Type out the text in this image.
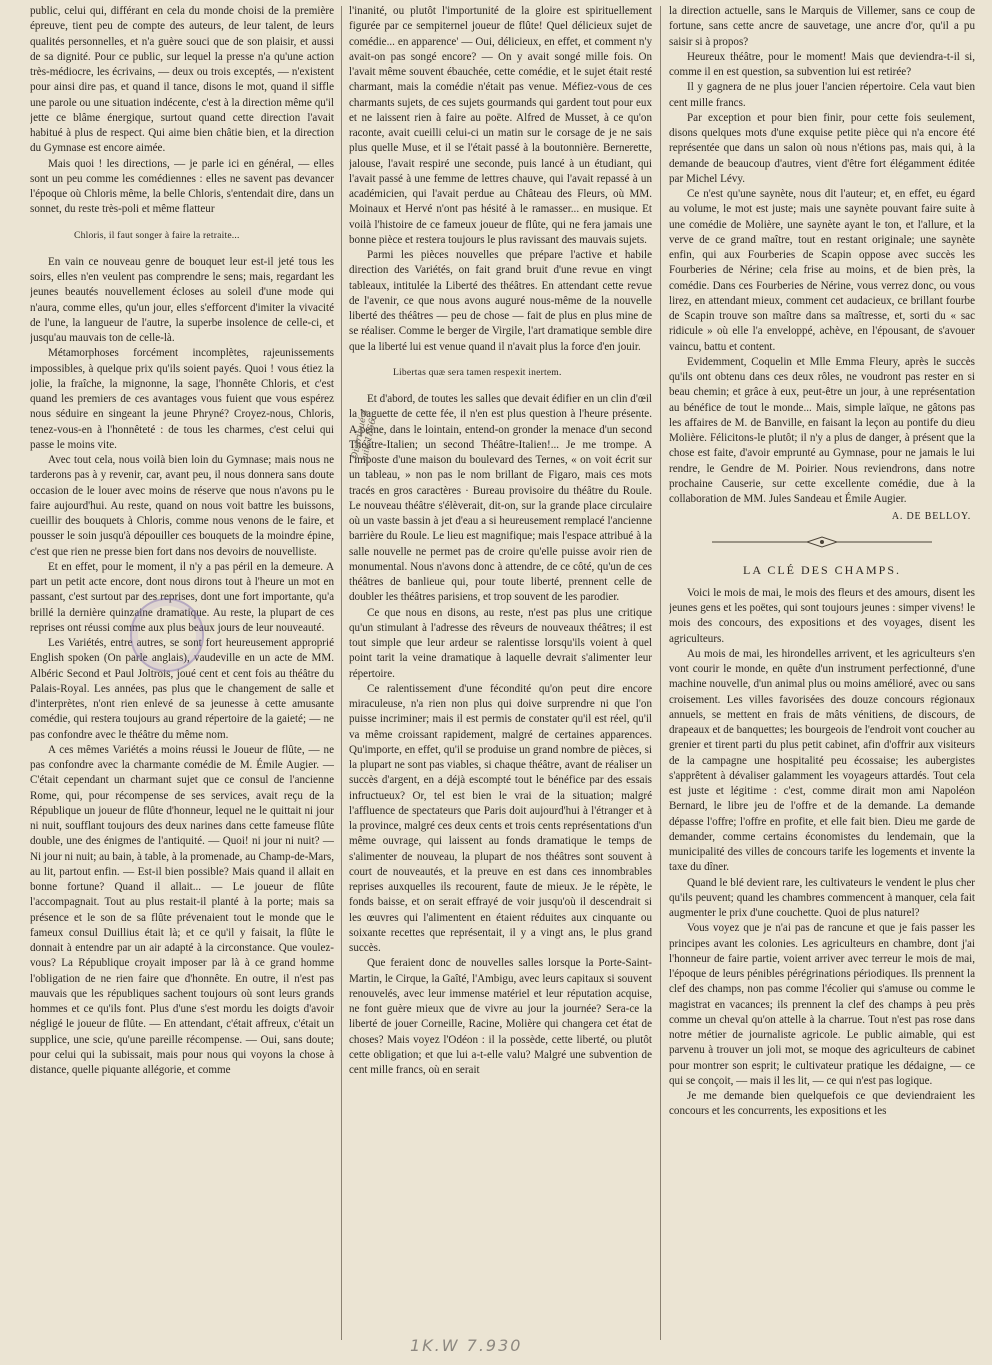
public, celui qui, différant en cela du monde choisi de la première épreuve, tient peu de compte des auteurs, de leur talent, de leurs qualités personnelles, et n'a guère souci que de son plaisir, et aussi de sa dignité. Pour ce public, sur lequel la presse n'a qu'une action très-médiocre, les écrivains, — deux ou trois exceptés, — n'existent pour ainsi dire pas, et quand il tance, disons le mot, quand il siffle une parole ou une situation indécente, c'est à la direction même qu'il jette ce blâme énergique, surtout quand cette direction l'avait habitué à plus de respect. Qui aime bien châtie bien, et la direction du Gymnase est encore aimée.

Mais quoi ! les directions, — je parle ici en général, — elles sont un peu comme les comédiennes : elles ne savent pas devancer l'époque où Chloris même, la belle Chloris, s'entendait dire, dans un sonnet, du reste très-poli et même flatteur

Chloris, il faut songer à faire la retraite...

En vain ce nouveau genre de bouquet leur est-il jeté tous les soirs, elles n'en veulent pas comprendre le sens; mais, regardant les jeunes beautés nouvellement écloses au soleil d'une mode qui n'aura, comme elles, qu'un jour, elles s'efforcent d'imiter la vivacité de l'une, la langueur de l'autre, la superbe insolence de celle-ci, et jusqu'au mauvais ton de celle-là.

Métamorphoses forcément incomplètes, rajeunissements impossibles, à quelque prix qu'ils soient payés. Quoi ! vous étiez la jolie, la fraîche, la mignonne, la sage, l'honnête Chloris, et c'est quand les premiers de ces avantages vous fuient que vous espérez nous séduire en singeant la jeune Phryné? Croyez-nous, Chloris, tenez-vous-en à l'honnêteté : de tous les charmes, c'est celui qui passe le moins vite.

Avec tout cela, nous voilà bien loin du Gymnase; mais nous ne tarderons pas à y revenir, car, avant peu, il nous donnera sans doute occasion de le louer avec moins de réserve que nous n'avons pu le faire aujourd'hui. Au reste, quand on nous voit battre les buissons, cueillir des bouquets à Chloris, comme nous venons de le faire, et pousser le soin jusqu'à dépouiller ces bouquets de la moindre épine, c'est que rien ne presse bien fort dans nos devoirs de nouvelliste.

Et en effet, pour le moment, il n'y a pas péril en la demeure. A part un petit acte encore, dont nous dirons tout à l'heure un mot en passant, c'est surtout par des reprises, dont une fort importante, qu'a brillé la dernière quinzaine dramatique. Au reste, la plupart de ces reprises ont réussi comme aux plus beaux jours de leur nouveauté.

Les Variétés, entre autres, se sont fort heureusement approprié English spoken (On parle anglais), vaudeville en un acte de MM. Albéric Second et Paul Joltrois, joué cent et cent fois au théâtre du Palais-Royal. Les années, pas plus que le changement de salle et d'interprètes, n'ont rien enlevé de sa jeunesse à cette amusante comédie, qui restera toujours au grand répertoire de la gaieté; — ne pas confondre avec le théâtre du même nom.

A ces mêmes Variétés a moins réussi le Joueur de flûte, — ne pas confondre avec la charmante comédie de M. Émile Augier. — C'était cependant un charmant sujet que ce consul de l'ancienne Rome, qui, pour récompense de ses services, avait reçu de la République un joueur de flûte d'honneur, lequel ne le quittait ni jour ni nuit, soufflant toujours des deux narines dans cette fameuse flûte double, une des énigmes de l'antiquité. — Quoi! ni jour ni nuit? — Ni jour ni nuit; au bain, à table, à la promenade, au Champ-de-Mars, au lit, partout enfin. — Est-il bien possible? Mais quand il allait en bonne fortune? Quand il allait... — Le joueur de flûte l'accompagnait. Tout au plus restait-il planté à la porte; mais sa présence et le son de sa flûte prévenaient tout le monde que le fameux consul Duillius était là; et ce qu'il y faisait, la flûte le donnait à entendre par un air adapté à la circonstance. Que voulez-vous? La République croyait imposer par là à ce grand homme l'obligation de ne rien faire que d'honnête. En outre, il n'est pas mauvais que les républiques sachent toujours où sont leurs grands hommes et ce qu'ils font. Plus d'une s'est mordu les doigts d'avoir négligé le joueur de flûte. — En attendant, c'était affreux, c'était un supplice, une scie, qu'une pareille récompense. — Oui, sans doute; pour celui qui la subissait, mais pour nous qui voyons la chose à distance, quelle piquante allégorie, et comme

l'inanité, ou plutôt l'importunité de la gloire est spirituellement figurée par ce sempiternel joueur de flûte! Quel délicieux sujet de comédie... en apparence' — Oui, délicieux, en effet, et comment n'y avait-on pas songé encore? — On y avait songé mille fois. On l'avait même souvent ébauchée, cette comédie, et le sujet était resté charmant, mais la comédie n'était pas venue. Méfiez-vous de ces charmants sujets, de ces sujets gourmands qui gardent tout pour eux et ne laissent rien à faire au poëte. Alfred de Musset, à ce qu'on raconte, avait cueilli celui-ci un matin sur le corsage de je ne sais plus quelle Muse, et il se l'était passé à la boutonnière. Bernerette, jalouse, l'avait respiré une seconde, puis lancé à un étudiant, qui l'avait passé à une femme de lettres chauve, qui l'avait repassé à un académicien, qui l'avait perdue au Château des Fleurs, où MM. Moinaux et Hervé n'ont pas hésité à le ramasser... en musique. Et voilà l'histoire de ce fameux joueur de flûte, qui ne fera jamais une bonne pièce et restera toujours le plus ravissant des mauvais sujets.

Parmi les pièces nouvelles que prépare l'active et habile direction des Variétés, on fait grand bruit d'une revue en vingt tableaux, intitulée la Liberté des théâtres. En attendant cette revue de l'avenir, ce que nous avons auguré nous-même de la nouvelle liberté des théâtres — peu de chose — fait de plus en plus mine de se réaliser. Comme le berger de Virgile, l'art dramatique semble dire que la liberté lui est venue quand il n'avait plus la force d'en jouir.

Libertas quæ sera tamen respexit inertem.

Et d'abord, de toutes les salles que devait édifier en un clin d'œil la baguette de cette fée, il n'en est plus question à l'heure présente. A peine, dans le lointain, entend-on gronder la menace d'un second Théâtre-Italien; un second Théâtre-Italien!... Je me trompe. A l'imposte d'une maison du boulevard des Ternes, « on voit écrit sur un tableau, » non pas le nom brillant de Figaro, mais ces mots tracés en gros caractères · Bureau provisoire du théâtre du Roule. Le nouveau théâtre s'élèverait, dit-on, sur la grande place circulaire où un vaste bassin à jet d'eau a si heureusement remplacé l'ancienne barrière du Roule. Le lieu est magnifique; mais l'espace attribué à la salle nouvelle ne permet pas de croire qu'elle puisse avoir rien de monumental. Nous n'avons donc à attendre, de ce côté, qu'un de ces théâtres de banlieue qui, pour toute liberté, prennent celle de doubler les théâtres parisiens, et trop souvent de les parodier.

Ce que nous en disons, au reste, n'est pas plus une critique qu'un stimulant à l'adresse des rêveurs de nouveaux théâtres; il est tout simple que leur ardeur se ralentisse lorsqu'ils voient à quel point tarit la veine dramatique à laquelle devrait s'alimenter leur répertoire.

Ce ralentissement d'une fécondité qu'on peut dire encore miraculeuse, n'a rien non plus qui doive surprendre ni que l'on puisse incriminer; mais il est permis de constater qu'il est réel, qu'il va même croissant rapidement, malgré de certaines apparences. Qu'importe, en effet, qu'il se produise un grand nombre de pièces, si la plupart ne sont pas viables, si chaque théâtre, avant de réaliser un succès d'argent, en a déjà escompté tout le bénéfice par des essais infructueux? Or, tel est bien le vrai de la situation; malgré l'affluence de spectateurs que Paris doit aujourd'hui à l'étranger et à la province, malgré ces deux cents et trois cents représentations d'un même ouvrage, qui laissent au fonds dramatique le temps de s'alimenter de nouveau, la plupart de nos théâtres sont souvent à court de nouveautés, et la preuve en est dans ces innombrables reprises auxquelles ils recourent, faute de mieux. Je le répète, le fonds baisse, et on serait effrayé de voir jusqu'où il descendrait si les œuvres qui l'alimentent en étaient réduites aux cinquante ou soixante recettes que représentait, il y a vingt ans, le plus grand succès.

Que feraient donc de nouvelles salles lorsque la Porte-Saint-Martin, le Cirque, la Gaîté, l'Ambigu, avec leurs capitaux si souvent renouvelés, avec leur immense matériel et leur réputation acquise, ne font guère mieux que de vivre au jour la journée? Sera-ce la liberté de jouer Corneille, Racine, Molière qui changera cet état de choses? Mais voyez l'Odéon : il la possède, cette liberté, ou plutôt cette obligation; et que lui a-t-elle valu? Malgré une subvention de cent mille francs, où en serait

la direction actuelle, sans le Marquis de Villemer, sans ce coup de fortune, sans cette ancre de sauvetage, une ancre d'or, qu'il a pu saisir si à propos?

Heureux théâtre, pour le moment! Mais que deviendra-t-il si, comme il en est question, sa subvention lui est retirée?

Il y gagnera de ne plus jouer l'ancien répertoire. Cela vaut bien cent mille francs.

Par exception et pour bien finir, pour cette fois seulement, disons quelques mots d'une exquise petite pièce qui n'a encore été représentée que dans un salon où nous n'étions pas, mais qui, à la demande de beaucoup d'autres, vient d'être fort élégamment éditée par Michel Lévy.

Ce n'est qu'une saynète, nous dit l'auteur; et, en effet, eu égard au volume, le mot est juste; mais une saynète pouvant faire suite à une comédie de Molière, une saynète ayant le ton, et l'allure, et la verve de ce grand maître, tout en restant originale; une saynète enfin, qui aux Fourberies de Scapin oppose avec succès les Fourberies de Nérine; cela frise au moins, et de bien près, la comédie. Dans ces Fourberies de Nérine, vous verrez donc, ou vous lirez, en attendant mieux, comment cet audacieux, ce brillant fourbe de Scapin trouve son maître dans sa maîtresse, et, sorti du « sac ridicule » où elle l'a enveloppé, achève, en l'épousant, de s'avouer vaincu, battu et content.

Evidemment, Coquelin et Mlle Emma Fleury, après le succès qu'ils ont obtenu dans ces deux rôles, ne voudront pas rester en si beau chemin; et grâce à eux, peut-être un jour, à une représentation au bénéfice de tout le monde... Mais, simple laïque, ne gâtons pas les affaires de M. de Banville, en faisant la leçon au pontife du dieu Molière. Félicitons-le plutôt; il n'y a plus de danger, à présent que la chose est faite, d'avoir emprunté au Gymnase, pour ne jamais le lui rendre, le Gendre de M. Poirier. Nous reviendrons, dans notre prochaine Causerie, sur cette excellente comédie, due à la collaboration de MM. Jules Sandeau et Émile Augier.

A. DE BELLOY.

LA CLÉ DES CHAMPS.

Voici le mois de mai, le mois des fleurs et des amours, disent les jeunes gens et les poëtes, qui sont toujours jeunes : simper vivens! le mois des concours, des expositions et des voyages, disent les agriculteurs.

Au mois de mai, les hirondelles arrivent, et les agriculteurs s'en vont courir le monde, en quête d'un instrument perfectionné, d'une machine nouvelle, d'un animal plus ou moins amélioré, avec ou sans croisement. Les villes favorisées des douze concours régionaux annuels, se mettent en frais de mâts vénitiens, de discours, de drapeaux et de banquettes; les bourgeois de l'endroit vont coucher au grenier et tirent parti du plus petit cabinet, afin d'offrir aux visiteurs de la campagne une hospitalité peu écossaise; les aubergistes s'apprêtent à dévaliser galamment les voyageurs attardés. Tout cela est juste et légitime : c'est, comme dirait mon ami Napoléon Bernard, le libre jeu de l'offre et de la demande. La demande dépasse l'offre; l'offre en profite, et elle fait bien. Dieu me garde de demander, comme certains économistes du lendemain, que la municipalité des villes de concours tarife les logements et invente la taxe du dîner.

Quand le blé devient rare, les cultivateurs le vendent le plus cher qu'ils peuvent; quand les chambres commencent à manquer, cela fait augmenter le prix d'une couchette. Quoi de plus naturel?

Vous voyez que je n'ai pas de rancune et que je fais passer les principes avant les colonies. Les agriculteurs en chambre, dont j'ai l'honneur de faire partie, voient arriver avec terreur le mois de mai, l'époque de leurs pénibles pérégrinations périodiques. Ils prennent la clef des champs, non pas comme l'écolier qui s'amuse ou comme le magistrat en vacances; ils prennent la clef des champs à peu près comme un cheval qu'on attelle à la charrue. Tout n'est pas rose dans notre métier de journaliste agricole. Le public aimable, qui est parvenu à trouver un joli mot, se moque des agriculteurs de cabinet pour montrer son esprit; le cultivateur pratique les dédaigne, — ce qui se conçoit, — mais il les lit, — ce qui n'est pas logique.

Je me demande bien quelquefois ce que deviendraient les concours et les concurrents, les expositions et les

Distribué 4 juin 1866
1K.W 7.930
